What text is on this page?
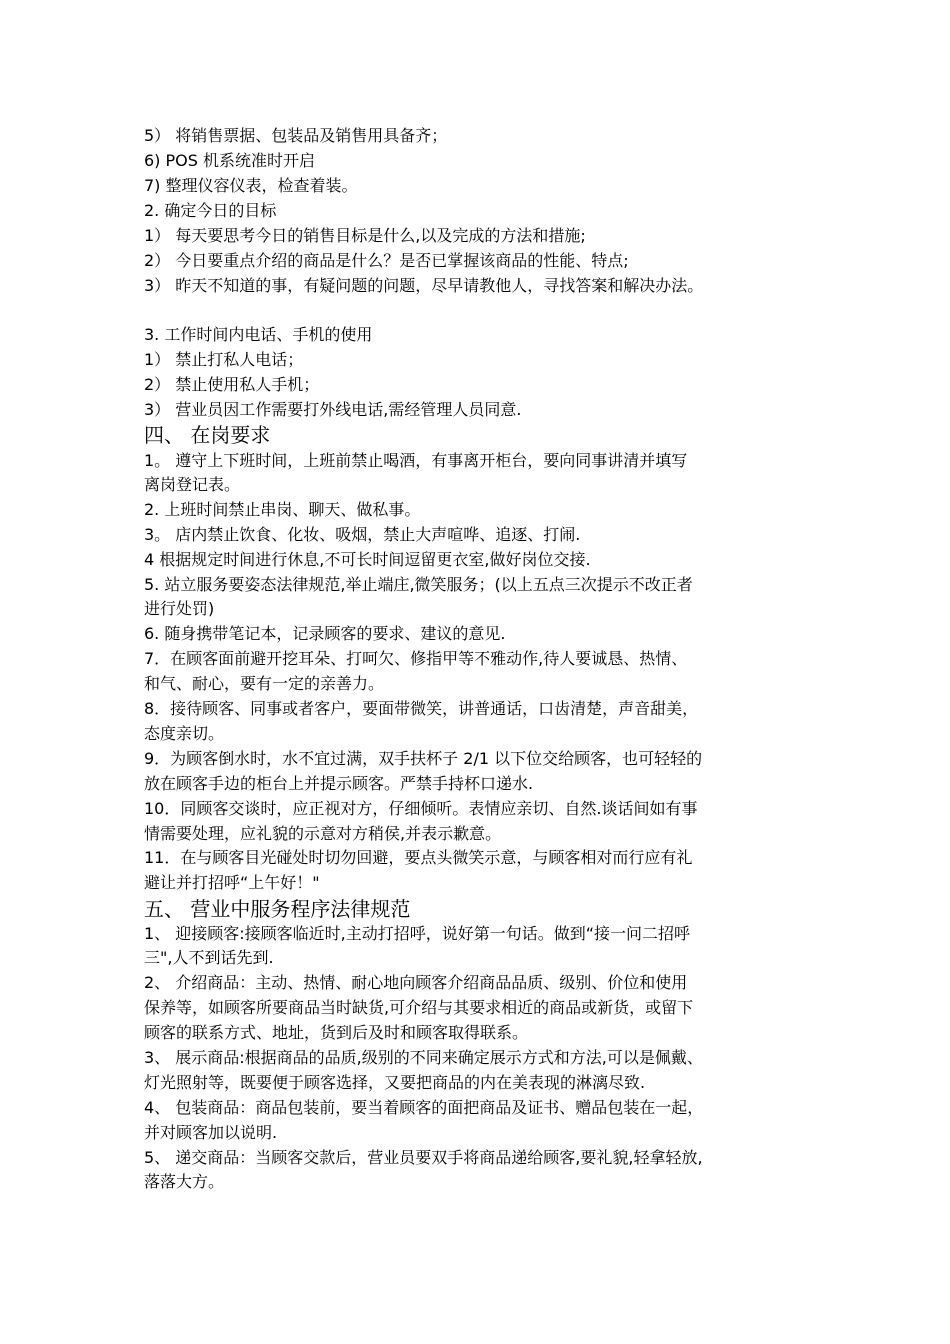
5） 将销售票据、包装品及销售用具备齐；
6) POS 机系统准时开启
7) 整理仪容仪表，检查着装。
2. 确定今日的目标
1） 每天要思考今日的销售目标是什么,以及完成的方法和措施;
2） 今日要重点介绍的商品是什么？是否已掌握该商品的性能、特点;
3） 昨天不知道的事，有疑问题的问题，尽早请教他人，寻找答案和解决办法。
3. 工作时间内电话、手机的使用
1） 禁止打私人电话；
2） 禁止使用私人手机；
3） 营业员因工作需要打外线电话,需经管理人员同意.
四、 在岗要求
1。 遵守上下班时间，上班前禁止喝酒，有事离开柜台，要向同事讲清并填写
离岗登记表。
2. 上班时间禁止串岗、聊天、做私事。
3。 店内禁止饮食、化妆、吸烟，禁止大声喧哗、追逐、打闹.
4 根据规定时间进行休息,不可长时间逗留更衣室,做好岗位交接.
5. 站立服务要姿态法律规范,举止端庄,微笑服务；(以上五点三次提示不改正者
进行处罚)
6. 随身携带笔记本，记录顾客的要求、建议的意见.
7．在顾客面前避开挖耳朵、打呵欠、修指甲等不雅动作,待人要诚恳、热情、
和气、耐心，要有一定的亲善力。
8．接待顾客、同事或者客户，要面带微笑，讲普通话，口齿清楚，声音甜美，
态度亲切。
9．为顾客倒水时，水不宜过满，双手扶杯子 2/1 以下位交给顾客，也可轻轻的
放在顾客手边的柜台上并提示顾客。严禁手持杯口递水.
10．同顾客交谈时，应正视对方，仔细倾听。表情应亲切、自然.谈话间如有事
情需要处理，应礼貌的示意对方稍侯,并表示歉意。
11．在与顾客目光碰处时切勿回避，要点头微笑示意，与顾客相对而行应有礼
避让并打招呼“上午好！"
五、 营业中服务程序法律规范
1、 迎接顾客:接顾客临近时,主动打招呼，说好第一句话。做到“接一问二招呼
三",人不到话先到.
2、 介绍商品：主动、热情、耐心地向顾客介绍商品品质、级别、价位和使用
保养等，如顾客所要商品当时缺货,可介绍与其要求相近的商品或新货，或留下
顾客的联系方式、地址，货到后及时和顾客取得联系。
3、 展示商品:根据商品的品质,级别的不同来确定展示方式和方法,可以是佩戴、
灯光照射等，既要便于顾客选择，又要把商品的内在美表现的淋漓尽致.
4、 包装商品：商品包装前，要当着顾客的面把商品及证书、赠品包装在一起，
并对顾客加以说明.
5、 递交商品：当顾客交款后，营业员要双手将商品递给顾客,要礼貌,轻拿轻放,
落落大方。
